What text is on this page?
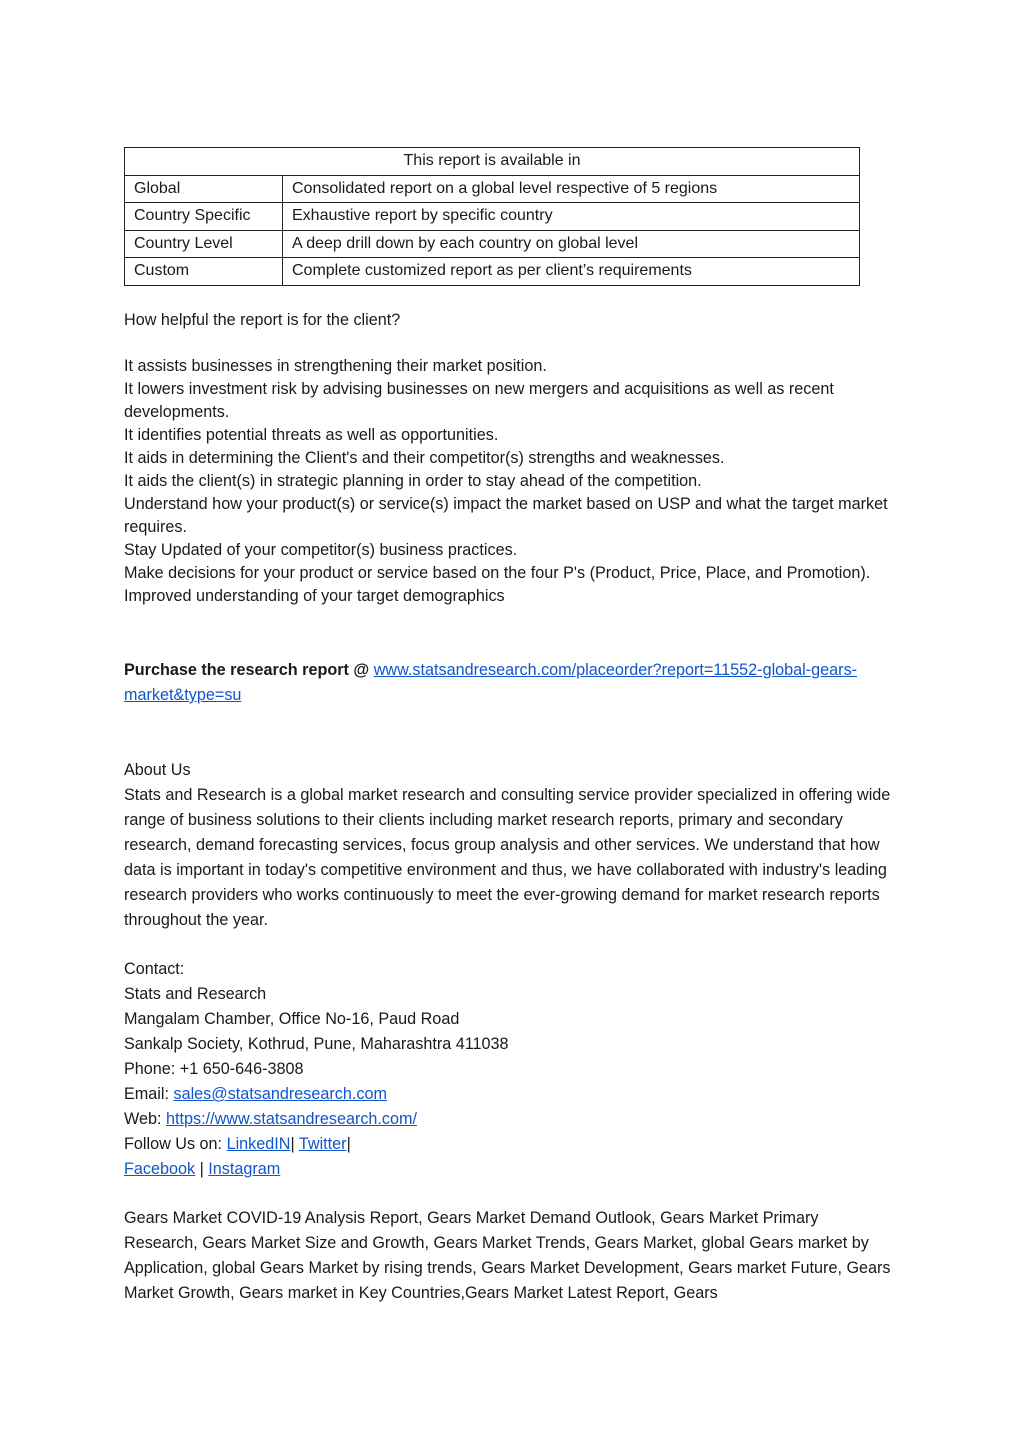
This report is available in	
Global	Consolidated report on a global level respective of 5 regions
Country Specific	Exhaustive report by specific country
Country Level	A deep drill down by each country on global level
Custom	Complete customized report as per client’s requirements
How helpful the report is for the client?

It assists businesses in strengthening their market position.

It lowers investment risk by advising businesses on new mergers and acquisitions as well as recent developments.

It identifies potential threats as well as opportunities.

It aids in determining the Client's and their competitor(s) strengths and weaknesses.

It aids the client(s) in strategic planning in order to stay ahead of the competition.

Understand how your product(s) or service(s) impact the market based on USP and what the target market requires.

Stay Updated of your competitor(s) business practices.

Make decisions for your product or service based on the four P's (Product, Price, Place, and Promotion).

Improved understanding of your target demographics

Purchase the research report @ www.statsandresearch.com/placeorder?report=11552-global-gears-

market&type=su

About Us

Stats and Research is a global market research and consulting service provider specialized in offering wide range of business solutions to their clients including market research reports, primary and secondary research, demand forecasting services, focus group analysis and other services. We understand that how data is important in today's competitive environment and thus, we have collaborated with industry's leading research providers who works continuously to meet the ever-growing demand for market research reports throughout the year.

Contact:

Stats and Research

Mangalam Chamber, Office No-16, Paud Road

Sankalp Society, Kothrud, Pune, Maharashtra 411038

Phone: +1 650-646-3808

Email: sales@statsandresearch.com

Web: https://www.statsandresearch.com/

Follow Us on: LinkedIN| Twitter|

Facebook | Instagram

Gears Market COVID-19 Analysis Report, Gears Market Demand Outlook, Gears Market Primary Research, Gears Market Size and Growth, Gears Market Trends, Gears Market, global Gears market by Application, global Gears Market by rising trends, Gears Market Development, Gears market Future, Gears Market Growth, Gears market in Key Countries,Gears Market Latest Report, Gears
